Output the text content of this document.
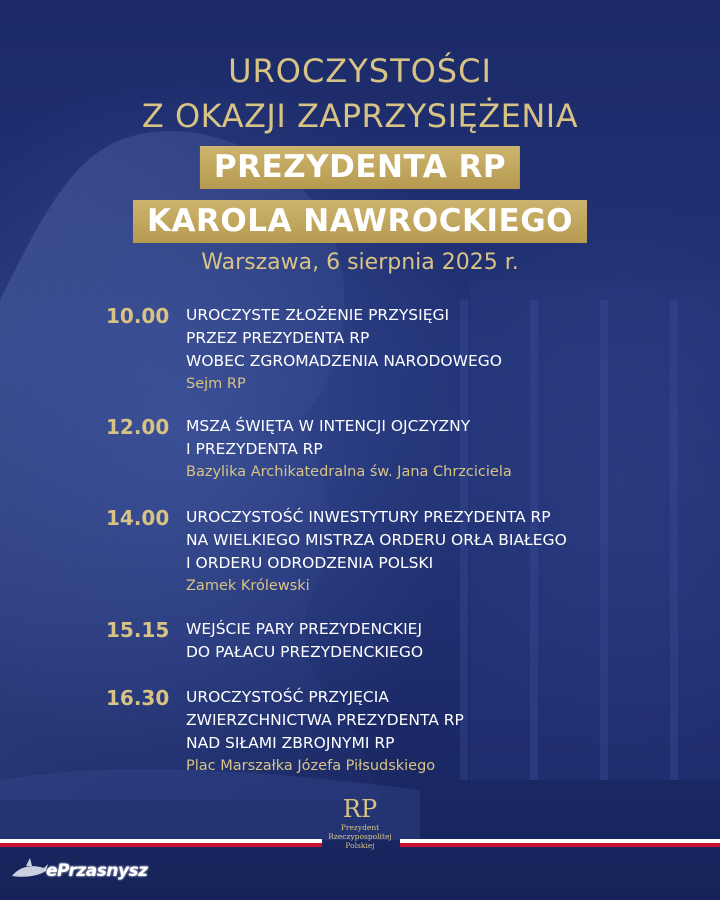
UROCZYSTOŚCI
Z OKAZJI ZAPRZYSIĘŻENIA
PREZYDENTA RP
KAROLA NAWROCKIEGO
Warszawa, 6 sierpnia 2025 r.
10.00	UROCZYSTE ZŁOŻENIE PRZYSIĘGI
PRZEZ PREZYDENTA RP
WOBEC ZGROMADZENIA NARODOWEGO
Sejm RP
12.00	MSZA ŚWIĘTA W INTENCJI OJCZYZNY
I PREZYDENTA RP
Bazylika Archikatedralna św. Jana Chrzciciela
14.00	UROCZYSTOŚĆ INWESTYTURY PREZYDENTA RP
NA WIELKIEGO MISTRZA ORDERU ORŁA BIAŁEGO
I ORDERU ODRODZENIA POLSKI
Zamek Królewski
15.15	WEJŚCIE PARY PREZYDENCKIEJ
DO PAŁACU PREZYDENCKIEGO
16.30	UROCZYSTOŚĆ PRZYJĘCIA
ZWIERZCHNICTWA PREZYDENTA RP
NAD SIŁAMI ZBROJNYMI RP
Plac Marszałka Józefa Piłsudskiego
RP
Prezydent
Rzeczypospolitej
Polskiej
ePrzasnysz
